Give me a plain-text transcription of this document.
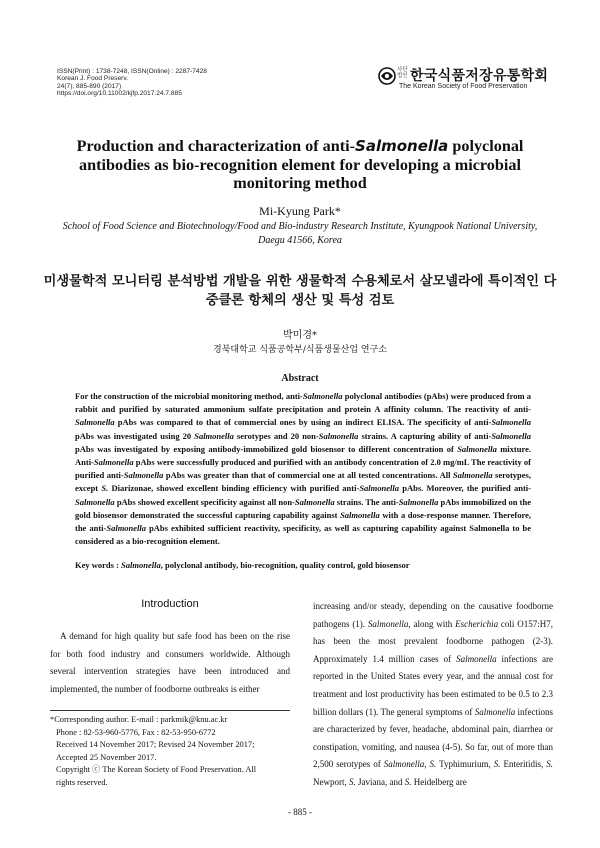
ISSN(Print) : 1738-7248, ISSN(Online) : 2287-7428
Korean J. Food Preserv.
24(7), 885-890 (2017)
https://doi.org/10.11002/kjfp.2017.24.7.885
사단
법인 한국식품저장유통학회
The Korean Society of Food Preservation
Production and characterization of anti-Salmonella polyclonal antibodies as bio-recognition element for developing a microbial monitoring method
Mi-Kyung Park*
School of Food Science and Biotechnology/Food and Bio-industry Research Institute, Kyungpook National University, Daegu 41566, Korea
미생물학적 모니터링 분석방법 개발을 위한 생물학적 수용체로서 살모넬라에 특이적인 다중클론 항체의 생산 및 특성 검토
박미경*
경북대학교 식품공학부/식품생물산업 연구소
Abstract
For the construction of the microbial monitoring method, anti-Salmonella polyclonal antibodies (pAbs) were produced from a rabbit and purified by saturated ammonium sulfate precipitation and protein A affinity column. The reactivity of anti-Salmonella pAbs was compared to that of commercial ones by using an indirect ELISA. The specificity of anti-Salmonella pAbs was investigated using 20 Salmonella serotypes and 20 non-Salmonella strains. A capturing ability of anti-Salmonella pAbs was investigated by exposing antibody-immobilized gold biosensor to different concentration of Salmonella mixture. Anti-Salmonella pAbs were successfully produced and purified with an antibody concentration of 2.0 mg/mL The reactivity of purified anti-Salmonella pAbs was greater than that of commercial one at all tested concentrations. All Salmonella serotypes, except S. Diarizonae, showed excellent binding efficiency with purified anti-Salmonella pAbs. Moreover, the purified anti-Salmonella pAbs showed excellent specificity against all non-Salmonella strains. The anti-Salmonella pAbs immobilized on the gold biosensor demonstrated the successful capturing capability against Salmonella with a dose-response manner. Therefore, the anti-Salmonella pAbs exhibited sufficient reactivity, specificity, as well as capturing capability against Salmonella to be considered as a bio-recognition element.
Key words : Salmonella, polyclonal antibody, bio-recognition, quality control, gold biosensor
Introduction
A demand for high quality but safe food has been on the rise for both food industry and consumers worldwide. Although several intervention strategies have been introduced and implemented, the number of foodborne outbreaks is either
increasing and/or steady, depending on the causative foodborne pathogens (1). Salmonella, along with Escherichia coli O157:H7, has been the most prevalent foodborne pathogen (2-3). Approximately 1.4 million cases of Salmonella infections are reported in the United States every year, and the annual cost for treatment and lost productivity has been estimated to be 0.5 to 2.3 billion dollars (1). The general symptoms of Salmonella infections are characterized by fever, headache, abdominal pain, diarrhea or constipation, vomiting, and nausea (4-5). So far, out of more than 2,500 serotypes of Salmonella, S. Typhimurium, S. Enteritidis, S. Newport, S. Javiana, and S. Heidelberg are
*Corresponding author. E-mail : parkmik@knu.ac.kr
Phone : 82-53-960-5776, Fax : 82-53-950-6772
Received 14 November 2017; Revised 24 November 2017;
Accepted 25 November 2017.
Copyright ⓒ The Korean Society of Food Preservation. All
rights reserved.
- 885 -
